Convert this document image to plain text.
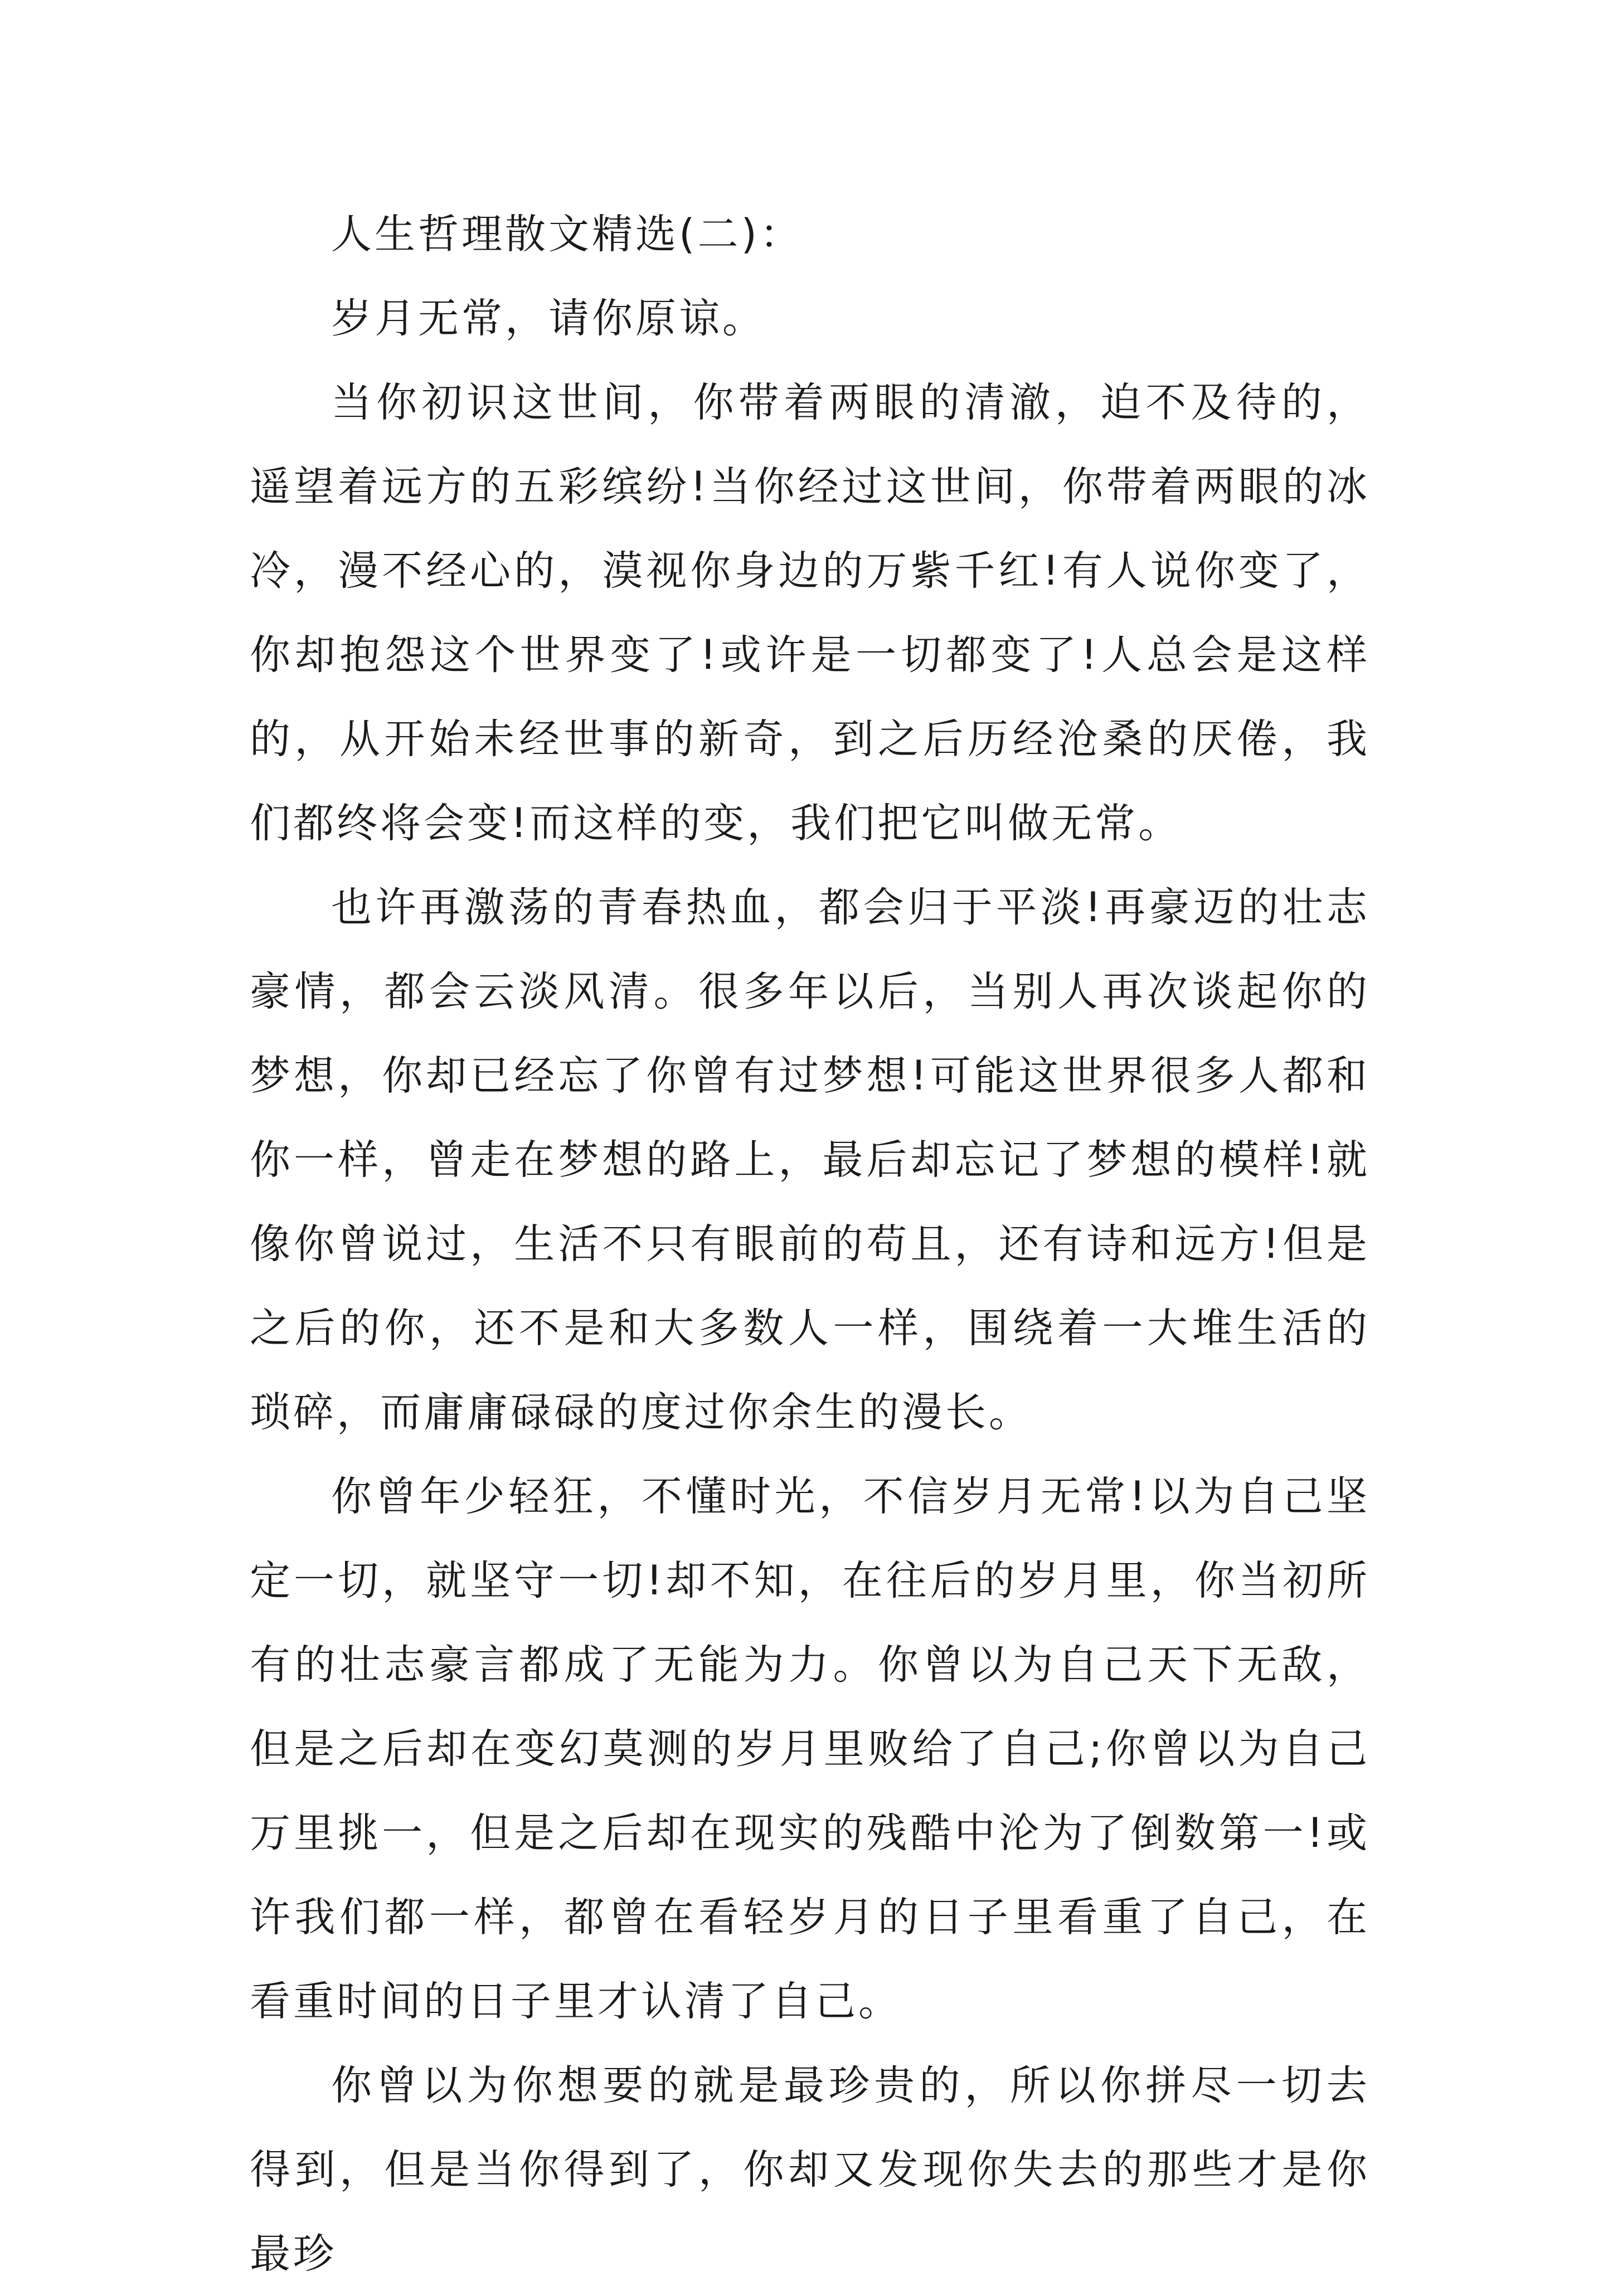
人生哲理散文精选(二)：

岁月无常，请你原谅。

当你初识这世间，你带着两眼的清澈，迫不及待的，遥望着远方的五彩缤纷!当你经过这世间，你带着两眼的冰冷，漫不经心的，漠视你身边的万紫千红!有人说你变了，你却抱怨这个世界变了!或许是一切都变了!人总会是这样的，从开始未经世事的新奇，到之后历经沧桑的厌倦，我们都终将会变!而这样的变，我们把它叫做无常。

也许再激荡的青春热血，都会归于平淡!再豪迈的壮志豪情，都会云淡风清。很多年以后，当别人再次谈起你的梦想，你却已经忘了你曾有过梦想!可能这世界很多人都和你一样，曾走在梦想的路上，最后却忘记了梦想的模样!就像你曾说过，生活不只有眼前的苟且，还有诗和远方!但是之后的你，还不是和大多数人一样，围绕着一大堆生活的琐碎，而庸庸碌碌的度过你余生的漫长。

你曾年少轻狂，不懂时光，不信岁月无常!以为自己坚定一切，就坚守一切!却不知，在往后的岁月里，你当初所有的壮志豪言都成了无能为力。你曾以为自己天下无敌，但是之后却在变幻莫测的岁月里败给了自己;你曾以为自己万里挑一，但是之后却在现实的残酷中沦为了倒数第一!或许我们都一样，都曾在看轻岁月的日子里看重了自己，在看重时间的日子里才认清了自己。

你曾以为你想要的就是最珍贵的，所以你拼尽一切去得到，但是当你得到了，你却又发现你失去的那些才是你最珍
